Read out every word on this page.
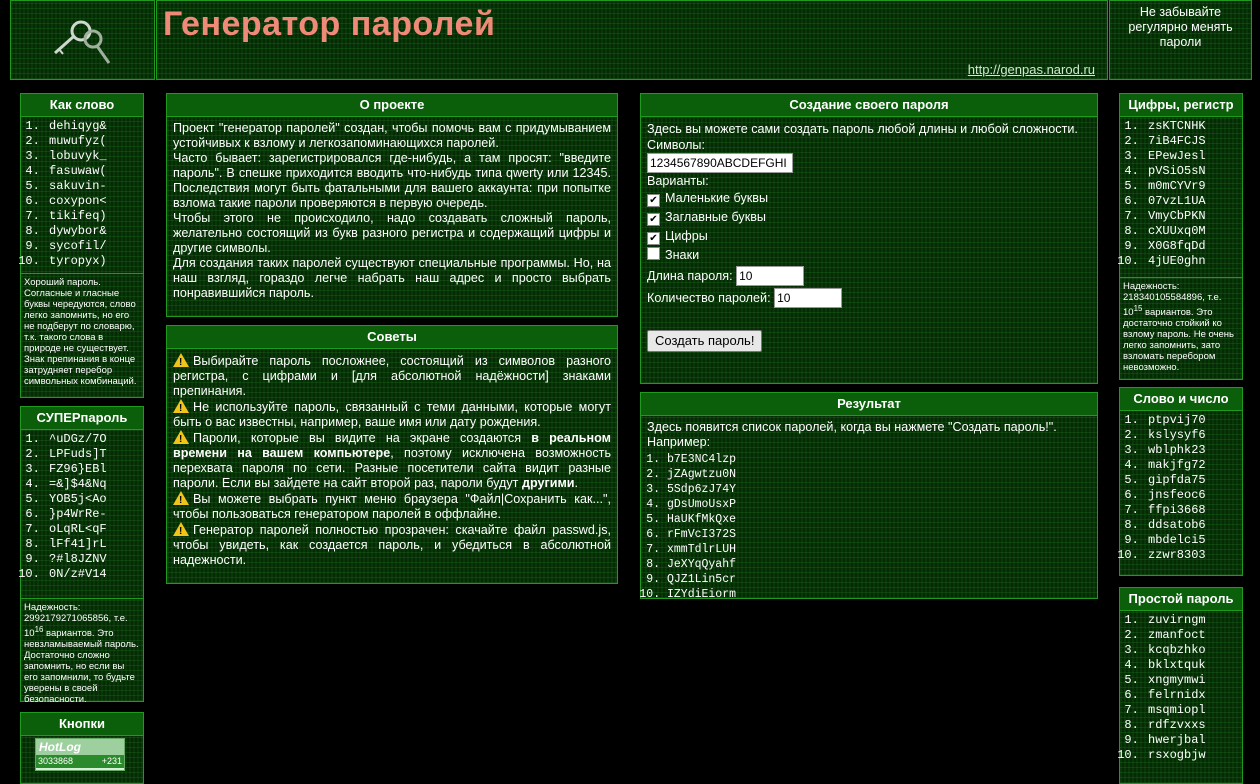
Генератор паролей
http://genpas.narod.ru
Не забывайте регулярно менять пароли
Как слово
1. dehiqyg&
2. muwufyz(
3. lobuvyk_
4. fasuwaw(
5. sakuvin-
6. coxypon<
7. tikifeq)
8. dywybor&
9. sycofil/
10. tyropyx)
Хороший пароль. Согласные и гласные буквы чередуются, слово легко запомнить, но его не подберут по словарю, т.к. такого слова в природе не существует. Знак препинания в конце затрудняет перебор символьных комбинаций.
СУПЕРпароль
1. ^uDGz/7O
2. LPFuds]T
3. FZ96}EBl
4. =&]$4&Nq
5. YOB5j<Ao
6. }p4WrRe-
7. oLqRL<qF
8. lFf41]rL
9. ?#l8JZNV
10. 0N/z#V14
Надежность: 2992179271065856, т.е. $10^{16}$ вариантов. Это невзламываемый пароль. Достаточно сложно запомнить, но если вы его запомнили, то будьте уверены в своей безопасности.
Кнопки
HotLog
3033868	+231
О проекте
Проект "генератор паролей" создан, чтобы помочь вам с придумыванием устойчивых к взлому и легкозапоминающихся паролей.
Часто бывает: зарегистрировался где-нибудь, а там просят: "введите пароль". В спешке приходится вводить что-нибудь типа qwerty или 12345. Последствия могут быть фатальными для вашего аккаунта: при попытке взлома такие пароли проверяются в первую очередь.
Чтобы этого не происходило, надо создавать сложный пароль, желательно состоящий из букв разного регистра и содержащий цифры и другие символы.
Для создания таких паролей существуют специальные программы. Но, на наш взгляд, гораздо легче набрать наш адрес и просто выбрать понравившийся пароль.
Советы
!Выбирайте пароль посложнее, состоящий из символов разного регистра, с цифрами и [для абсолютной надёжности] знаками препинания.
!Не используйте пароль, связанный с теми данными, которые могут быть о вас известны, например, ваше имя или дату рождения.
!Пароли, которые вы видите на экране создаются в реальном времени на вашем компьютере, поэтому исключена возможность перехвата пароля по сети. Разные посетители сайта видит разные пароли. Если вы зайдете на сайт второй раз, пароли будут другими.
!Вы можете выбрать пункт меню браузера "Файл|Сохранить как...", чтобы пользоваться генератором паролей в оффлайне.
!Генератор паролей полностью прозрачен: скачайте файл passwd.js, чтобы увидеть, как создается пароль, и убедиться в абсолютной надежности.
Создание своего пароля
Здесь вы можете сами создать пароль любой длины и любой сложности.
Символы:
1234567890ABCDEFGHI
Варианты:
✔ Маленькие буквы
✔ Заглавные буквы
✔ Цифры
Знаки
Длина пароля: 10
Количество паролей: 10
Создать пароль!
Результат
Здесь появится список паролей, когда вы нажмете "Создать пароль!".
Например:
1. b7E3NC4lzp
2. jZAgwtzu0N
3. 5Sdp6zJ74Y
4. gDsUmoUsxP
5. HaUKfMkQxe
6. rFmVcI372S
7. xmmTdlrLUH
8. JeXYqQyahf
9. QJZ1Lin5cr
10. IZYdiEiorm
Цифры, регистр
1. zsKTCNHK
2. 7iB4FCJS
3. EPewJesl
4. pVSiO5sN
5. m0mCYVr9
6. 07vzL1UA
7. VmyCbPKN
8. cXUUxq0M
9. X0G8fqDd
10. 4jUE0ghn
Надежность: 218340105584896, т.е. $10^{15}$ вариантов. Это достаточно стойкий ко взлому пароль. Не очень легко запомнить, зато взломать перебором невозможно.
Слово и число
1. ptpvij70
2. kslysyf6
3. wblphk23
4. makjfg72
5. gipfda75
6. jnsfeoc6
7. ffpi3668
8. ddsatob6
9. mbdelci5
10. zzwr8303
Простой пароль
1. zuvirngm
2. zmanfoct
3. kcqbzhko
4. bklxtquk
5. xngmymwi
6. felrnidx
7. msqmiopl
8. rdfzvxxs
9. hwerjbal
10. rsxogbjw
